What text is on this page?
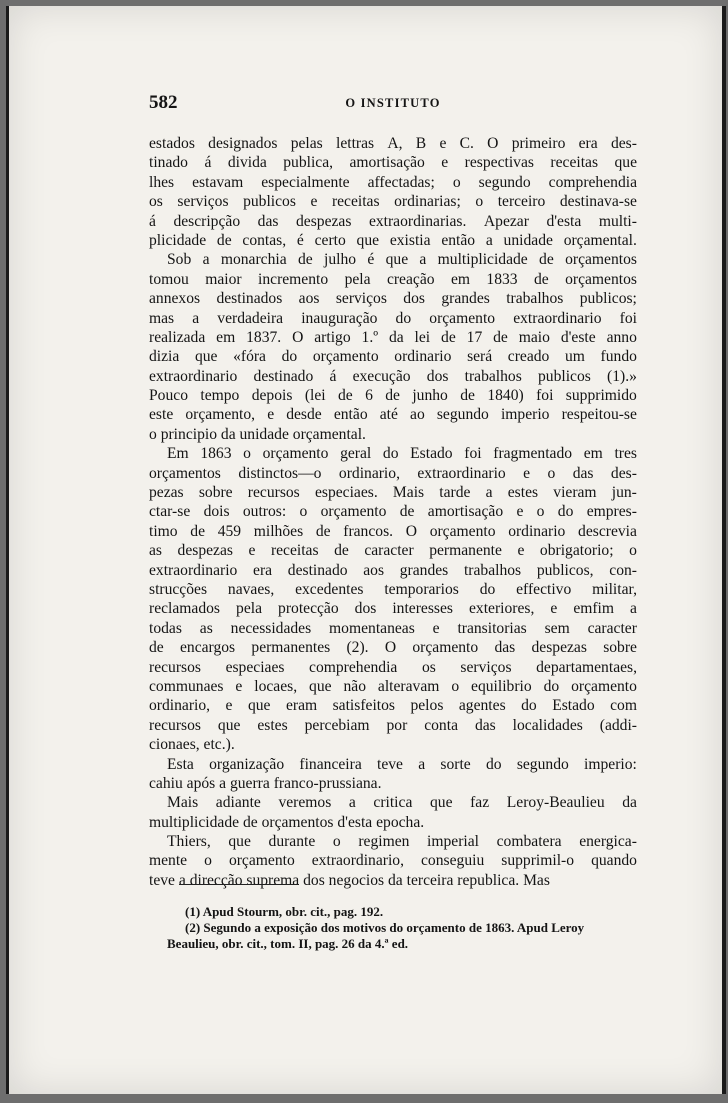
582	O INSTITUTO
estados designados pelas lettras A, B e C. O primeiro era des-
tinado á divida publica, amortisação e respectivas receitas que
lhes estavam especialmente affectadas; o segundo comprehendia
os serviços publicos e receitas ordinarias; o terceiro destinava-se
á descripção das despezas extraordinarias. Apezar d'esta multi-
plicidade de contas, é certo que existia então a unidade orçamental.
Sob a monarchia de julho é que a multiplicidade de orçamentos
tomou maior incremento pela creação em 1833 de orçamentos
annexos destinados aos serviços dos grandes trabalhos publicos;
mas a verdadeira inauguração do orçamento extraordinario foi
realizada em 1837. O artigo 1.º da lei de 17 de maio d'este anno
dizia que «fóra do orçamento ordinario será creado um fundo
extraordinario destinado á execução dos trabalhos publicos (1).»
Pouco tempo depois (lei de 6 de junho de 1840) foi supprimido
este orçamento, e desde então até ao segundo imperio respeitou-se
o principio da unidade orçamental.
Em 1863 o orçamento geral do Estado foi fragmentado em tres
orçamentos distinctos—o ordinario, extraordinario e o das des-
pezas sobre recursos especiaes. Mais tarde a estes vieram jun-
ctar-se dois outros: o orçamento de amortisação e o do empres-
timo de 459 milhões de francos. O orçamento ordinario descrevia
as despezas e receitas de caracter permanente e obrigatorio; o
extraordinario era destinado aos grandes trabalhos publicos, con-
strucções navaes, excedentes temporarios do effectivo militar,
reclamados pela protecção dos interesses exteriores, e emfim a
todas as necessidades momentaneas e transitorias sem caracter
de encargos permanentes (2). O orçamento das despezas sobre
recursos especiaes comprehendia os serviços departamentaes,
communaes e locaes, que não alteravam o equilibrio do orçamento
ordinario, e que eram satisfeitos pelos agentes do Estado com
recursos que estes percebiam por conta das localidades (addi-
cionaes, etc.).
Esta organização financeira teve a sorte do segundo imperio:
cahiu após a guerra franco-prussiana.
Mais adiante veremos a critica que faz Leroy-Beaulieu da
multiplicidade de orçamentos d'esta epocha.
Thiers, que durante o regimen imperial combatera energica-
mente o orçamento extraordinario, conseguiu supprimil-o quando
teve a direcção suprema dos negocios da terceira republica. Mas
(1) Apud Stourm, obr. cit., pag. 192.
(2) Segundo a exposição dos motivos do orçamento de 1863. Apud Leroy
Beaulieu, obr. cit., tom. II, pag. 26 da 4.ª ed.
